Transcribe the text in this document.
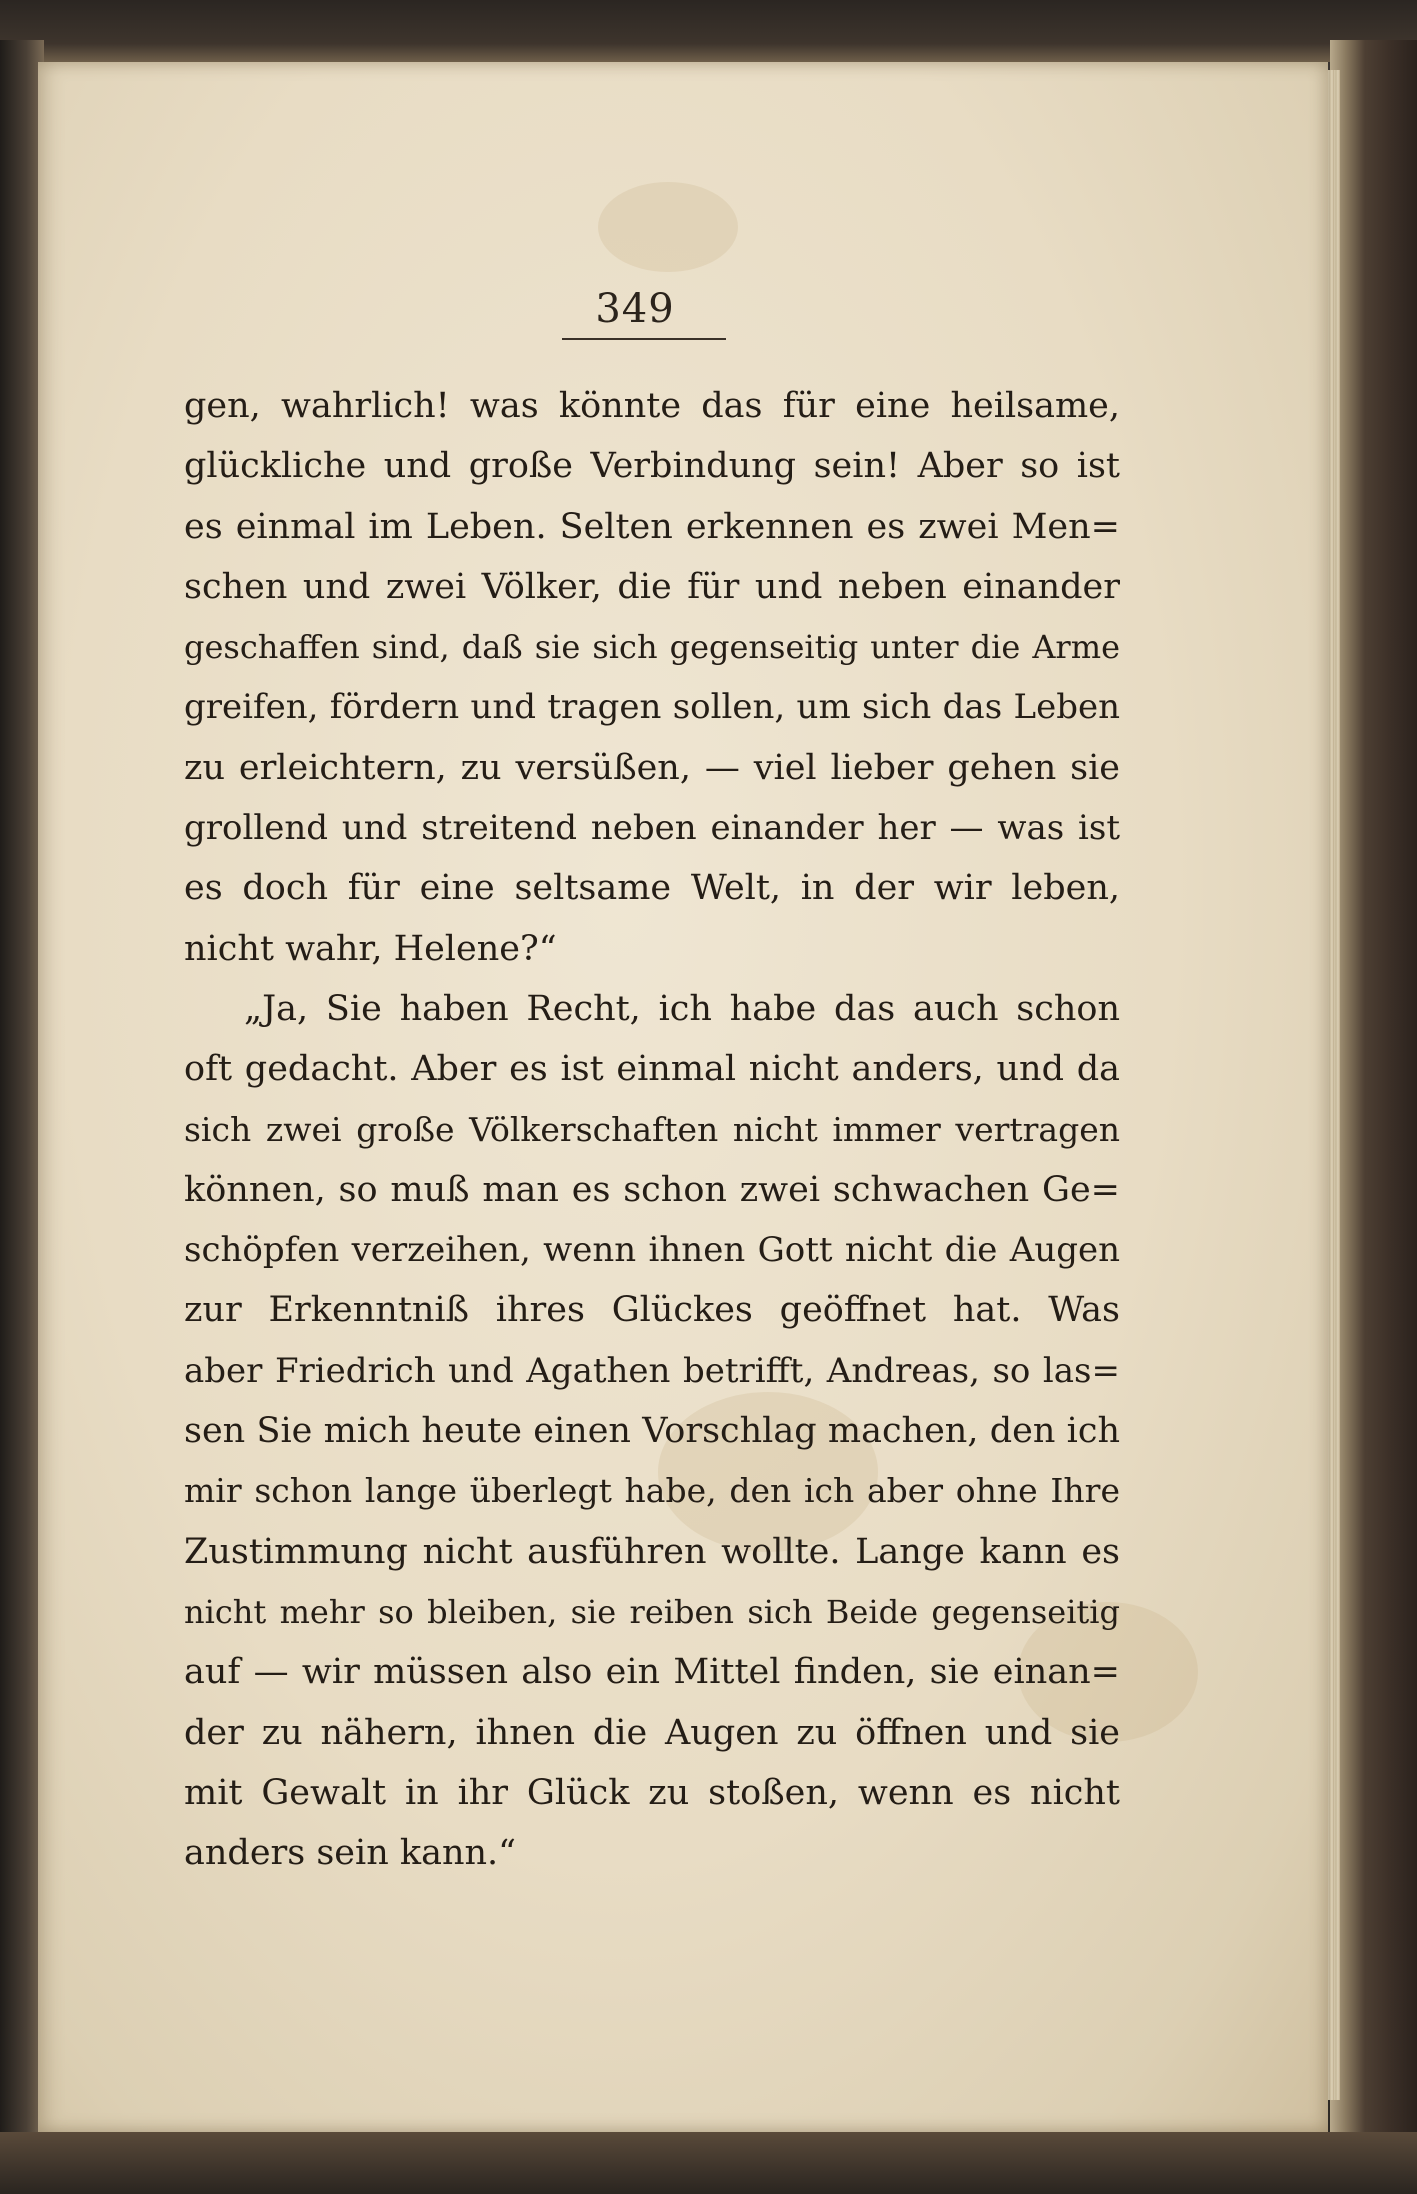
349
gen, wahrlich! was könnte das für eine heilsame,
glückliche und große Verbindung sein! Aber so ist
es einmal im Leben. Selten erkennen es zwei Men=
schen und zwei Völker, die für und neben einander
geschaffen sind, daß sie sich gegenseitig unter die Arme
greifen, fördern und tragen sollen, um sich das Leben
zu erleichtern, zu versüßen, — viel lieber gehen sie
grollend und streitend neben einander her — was ist
es doch für eine seltsame Welt, in der wir leben,
nicht wahr, Helene?“
„Ja, Sie haben Recht, ich habe das auch schon
oft gedacht. Aber es ist einmal nicht anders, und da
sich zwei große Völkerschaften nicht immer vertragen
können, so muß man es schon zwei schwachen Ge=
schöpfen verzeihen, wenn ihnen Gott nicht die Augen
zur Erkenntniß ihres Glückes geöffnet hat. Was
aber Friedrich und Agathen betrifft, Andreas, so las=
sen Sie mich heute einen Vorschlag machen, den ich
mir schon lange überlegt habe, den ich aber ohne Ihre
Zustimmung nicht ausführen wollte. Lange kann es
nicht mehr so bleiben, sie reiben sich Beide gegenseitig
auf — wir müssen also ein Mittel finden, sie einan=
der zu nähern, ihnen die Augen zu öffnen und sie
mit Gewalt in ihr Glück zu stoßen, wenn es nicht
anders sein kann.“
